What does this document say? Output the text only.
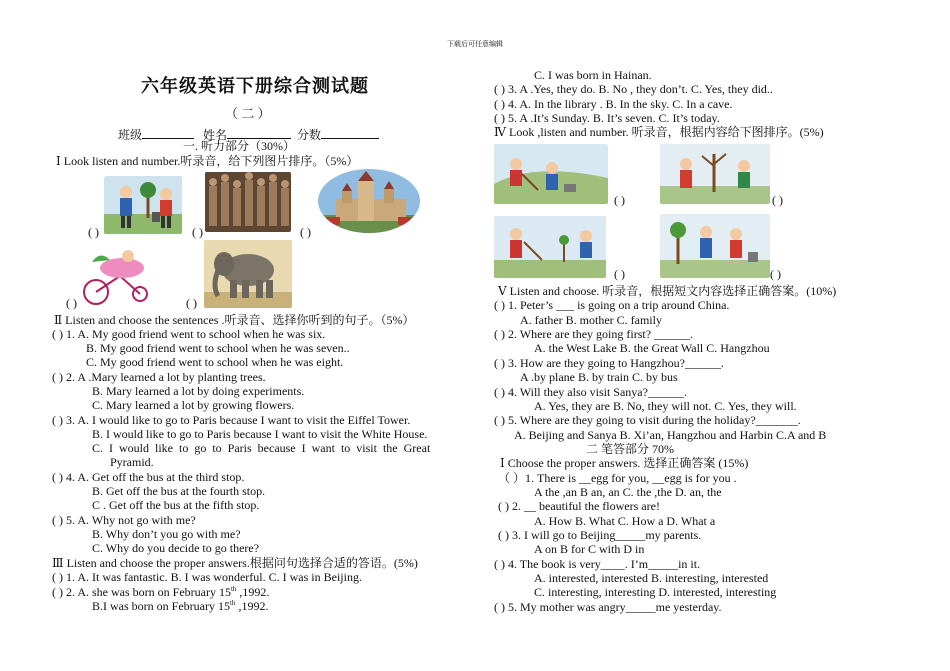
下载后可任意编辑
六年级英语下册综合测试题
（ 二 ）
班级	姓名	分数
一. 听力部分（30%）
Ⅰ Look listen and number.听录音，给下列图片排序。（5%）
( )	( )	( )
( )	( )
Ⅱ Listen and choose the sentences .听录音、选择你听到的句子。（5%）
( ) 1. A. My good friend went to school when he was six.
B. My good friend went to school when he was seven..
C. My good friend went to school when he was eight.
( ) 2. A .Mary learned a lot by planting trees.
B. Mary learned a lot by doing experiments.
C. Mary learned a lot by growing flowers.
( ) 3. A. I would like to go to Paris because I want to visit the Eiffel Tower.
B. I would like to go to Paris because I want to visit the White House.
C. I would like to go to Paris because I want to visit the Great
Pyramid.
( ) 4. A. Get off the bus at the third stop.
B. Get off the bus at the fourth stop.
C . Get off the bus at the fifth stop.
( ) 5. A. Why not go with me?
B. Why don’t you go with me?
C. Why do you decide to go there?
Ⅲ Listen and choose the proper answers.根据问句选择合适的答语。(5%)
( ) 1. A. It was fantastic. B. I was wonderful. C. I was in Beijing.
( ) 2. A. she was born on February 15th ,1992.
B.I was born on February 15th ,1992.
C. I was born in Hainan.
( ) 3. A .Yes, they do. B. No , they don’t. C. Yes, they did..
( ) 4. A. In the library . B. In the sky. C. In a cave.
( ) 5. A .It’s Sunday. B. It’s seven. C. It’s today.
Ⅳ Look ,listen and number. 听录音，根据内容给下图排序。(5%)
( )	( )
( )	( )
Ⅴ Listen and choose. 听录音，根据短文内容选择正确答案。(10%)
( ) 1. Peter’s ___ is going on a trip around China.
A. father B. mother C. family
( ) 2. Where are they going first? ______.
A. the West Lake B. the Great Wall C. Hangzhou
( ) 3. How are they going to Hangzhou?______.
A .by plane B. by train C. by bus
( ) 4. Will they also visit Sanya?______.
A. Yes, they are B. No, they will not. C. Yes, they will.
( ) 5. Where are they going to visit during the holiday?_______.
A. Beijing and Sanya B. Xi’an, Hangzhou and Harbin C.A and B
二 笔答部分 70%
Ⅰ Choose the proper answers. 选择正确答案 (15%)
（ ）1. There is __egg for you, __egg is for you .
A the ,an B an, an C. the ,the D. an, the
( ) 2. __ beautiful the flowers are!
A. How B. What C. How a D. What a
( ) 3. I will go to Beijing_____my parents.
A on B for C with D in
( ) 4. The book is very____. I’m_____in it.
A. interested, interested B. interesting, interested
C. interesting, interesting D. interested, interesting
( ) 5. My mother was angry_____me yesterday.
